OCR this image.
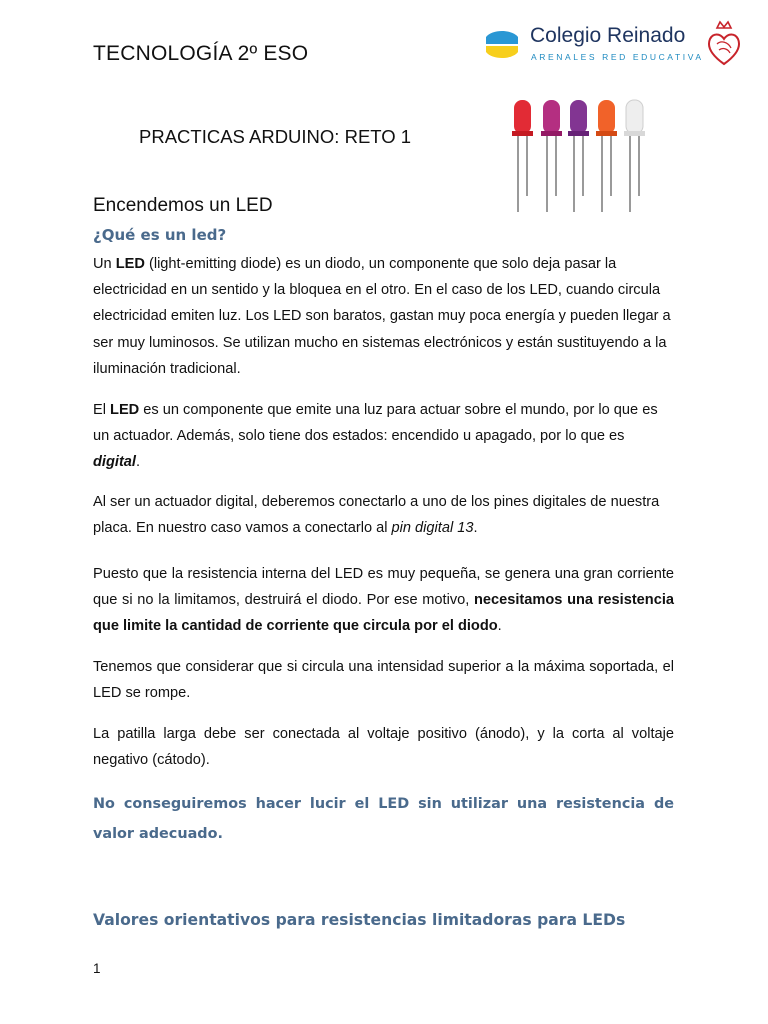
TECNOLOGÍA 2º ESO
Colegio Reinado
ARENALES RED EDUCATIVA
PRACTICAS ARDUINO: RETO 1
Encendemos un LED
¿Qué es un led?

Un LED (light-emitting diode) es un diodo, un componente que solo deja pasar la electricidad en un sentido y la bloquea en el otro. En el caso de los LED, cuando circula electricidad emiten luz. Los LED son baratos, gastan muy poca energía y pueden llegar a ser muy luminosos. Se utilizan mucho en sistemas electrónicos y están sustituyendo a la iluminación tradicional.

El LED es un componente que emite una luz para actuar sobre el mundo, por lo que es un actuador. Además, solo tiene dos estados: encendido u apagado, por lo que es digital.

Al ser un actuador digital, deberemos conectarlo a uno de los pines digitales de nuestra placa. En nuestro caso vamos a conectarlo al pin digital 13.

Puesto que la resistencia interna del LED es muy pequeña, se genera una gran corriente que si no la limitamos, destruirá el diodo. Por ese motivo, necesitamos una resistencia que limite la cantidad de corriente que circula por el diodo.

Tenemos que considerar que si circula una intensidad superior a la máxima soportada, el LED se rompe.

La patilla larga debe ser conectada al voltaje positivo (ánodo), y la corta al voltaje negativo (cátodo).

No conseguiremos hacer lucir el LED sin utilizar una resistencia de valor adecuado.
Valores orientativos para resistencias limitadoras para LEDs
1
